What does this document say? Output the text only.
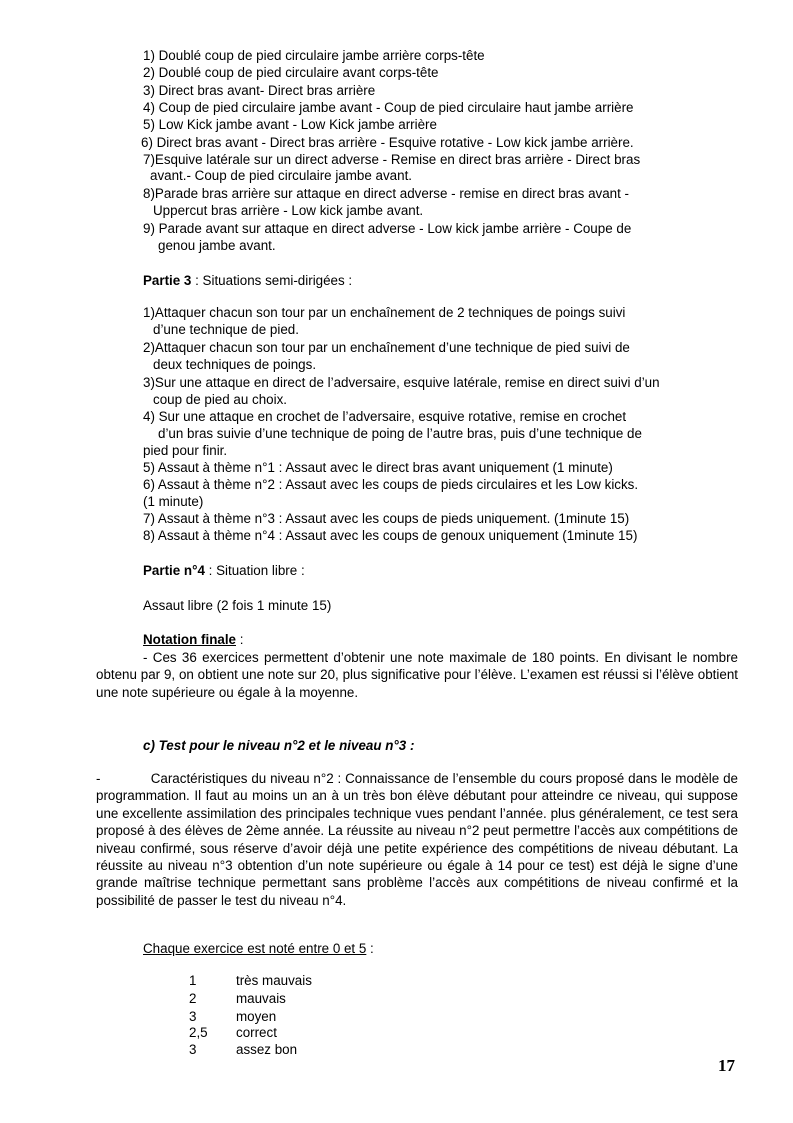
1) Doublé coup de pied circulaire jambe arrière corps-tête
2) Doublé coup de pied circulaire avant corps-tête
3) Direct bras avant- Direct bras arrière
4) Coup de pied circulaire jambe avant - Coup de pied circulaire haut jambe arrière
5) Low Kick jambe avant - Low Kick jambe arrière
6) Direct bras avant - Direct bras arrière - Esquive rotative - Low kick jambe arrière.
7)Esquive latérale sur un direct adverse - Remise en direct bras arrière - Direct bras
avant.- Coup de pied circulaire jambe avant.
8)Parade bras arrière sur attaque en direct adverse - remise en direct bras avant -
Uppercut bras arrière - Low kick jambe avant.
9) Parade avant sur attaque en direct adverse - Low kick jambe arrière - Coupe de
genou jambe avant.
Partie 3 : Situations semi-dirigées :
1)Attaquer chacun son tour par un enchaînement de 2 techniques de poings suivi
d’une technique de pied.
2)Attaquer chacun son tour par un enchaînement d’une technique de pied suivi de
deux techniques de poings.
3)Sur une attaque en direct de l’adversaire, esquive latérale, remise en direct suivi d’un
coup de pied au choix.
4) Sur une attaque en crochet de l’adversaire, esquive rotative, remise en crochet
d’un bras suivie d’une technique de poing de l’autre bras, puis d’une technique de
pied pour finir.
5) Assaut à thème n°1 : Assaut avec le direct bras avant uniquement (1 minute)
6) Assaut à thème n°2 : Assaut avec les coups de pieds circulaires et les Low kicks.
(1 minute)
7) Assaut à thème n°3 : Assaut avec les coups de pieds uniquement. (1minute 15)
8) Assaut à thème n°4 : Assaut avec les coups de genoux uniquement (1minute 15)
Partie n°4 : Situation libre :
Assaut libre (2 fois 1 minute 15)
Notation finale :
- Ces 36 exercices permettent d’obtenir une note maximale de 180 points. En divisant le nombre obtenu par 9, on obtient une note sur 20, plus significative pour l’élève. L’examen est réussi si l’élève obtient une note supérieure ou égale à la moyenne.
c) Test pour le niveau n°2 et le niveau n°3 :
-             Caractéristiques du niveau n°2 : Connaissance de l’ensemble du cours proposé dans le modèle de programmation. Il faut au moins un an à un très bon élève débutant pour atteindre ce niveau, qui suppose une excellente assimilation des principales technique vues pendant l’année. plus généralement, ce test sera proposé à des élèves de 2ème année. La réussite au niveau n°2 peut permettre l’accès aux compétitions de niveau confirmé, sous réserve d’avoir déjà une petite expérience des compétitions de niveau débutant. La réussite au niveau n°3 obtention d’un note supérieure ou égale à 14 pour ce test) est déjà le signe d’une grande maîtrise technique permettant sans problème l’accès aux compétitions de niveau confirmé et la possibilité de passer le test du niveau n°4.
Chaque exercice est noté entre 0 et 5 :
1	très mauvais
2	mauvais
3	moyen
2,5 correct
3	assez bon
17
